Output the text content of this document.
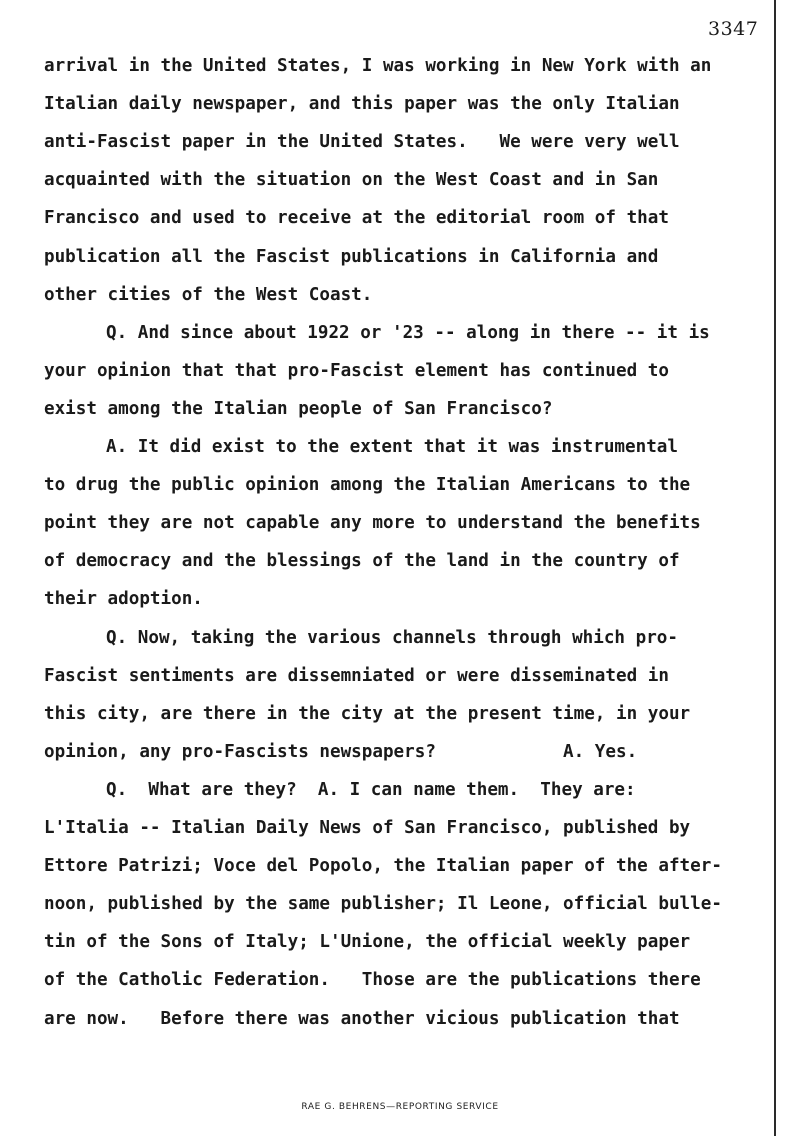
3347
arrival in the United States, I was working in New York with an
Italian daily newspaper, and this paper was the only Italian
anti-Fascist paper in the United States.   We were very well
acquainted with the situation on the West Coast and in San
Francisco and used to receive at the editorial room of that
publication all the Fascist publications in California and
other cities of the West Coast.
Q. And since about 1922 or '23 -- along in there -- it is
your opinion that that pro-Fascist element has continued to
exist among the Italian people of San Francisco?
A. It did exist to the extent that it was instrumental
to drug the public opinion among the Italian Americans to the
point they are not capable any more to understand the benefits
of democracy and the blessings of the land in the country of
their adoption.
Q. Now, taking the various channels through which pro-
Fascist sentiments are dissemniated or were disseminated in
this city, are there in the city at the present time, in your
opinion, any pro-Fascists newspapers?            A. Yes.
Q.  What are they?  A. I can name them.  They are:
L'Italia -- Italian Daily News of San Francisco, published by
Ettore Patrizi; Voce del Popolo, the Italian paper of the after-
noon, published by the same publisher; Il Leone, official bulle-
tin of the Sons of Italy; L'Unione, the official weekly paper
of the Catholic Federation.   Those are the publications there
are now.   Before there was another vicious publication that
RAE G. BEHRENS—REPORTING SERVICE
